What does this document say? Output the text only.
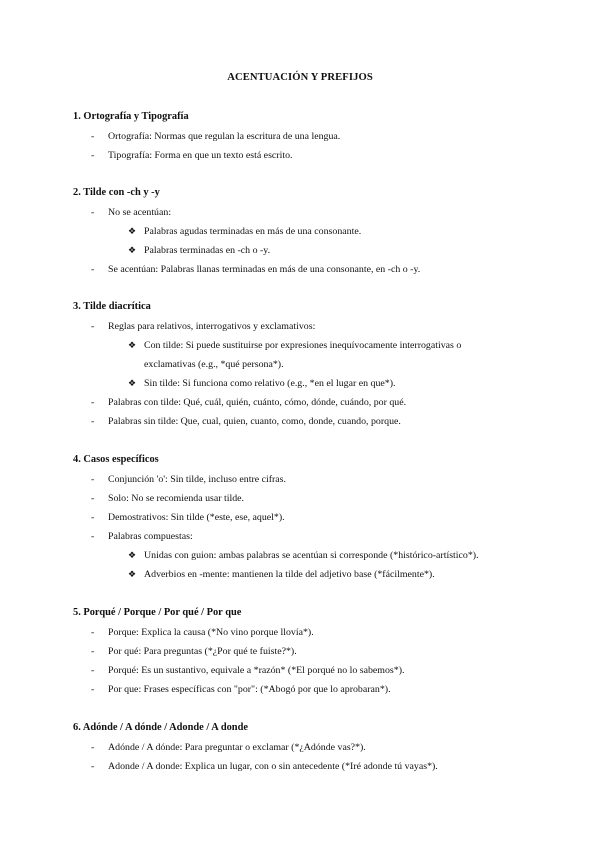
ACENTUACIÓN Y PREFIJOS
1. Ortografía y Tipografía
- Ortografía: Normas que regulan la escritura de una lengua.
- Tipografía: Forma en que un texto está escrito.
2. Tilde con -ch y -y
- No se acentúan:
❖ Palabras agudas terminadas en más de una consonante.
❖ Palabras terminadas en -ch o -y.
- Se acentúan: Palabras llanas terminadas en más de una consonante, en -ch o -y.
3. Tilde diacrítica
- Reglas para relativos, interrogativos y exclamativos:
❖ Con tilde: Si puede sustituirse por expresiones inequívocamente interrogativas o
exclamativas (e.g., *qué persona*).
❖ Sin tilde: Si funciona como relativo (e.g., *en el lugar en que*).
- Palabras con tilde: Qué, cuál, quién, cuánto, cómo, dónde, cuándo, por qué.
- Palabras sin tilde: Que, cual, quien, cuanto, como, donde, cuando, porque.
4. Casos específicos
- Conjunción 'o': Sin tilde, incluso entre cifras.
- Solo: No se recomienda usar tilde.
- Demostrativos: Sin tilde (*este, ese, aquel*).
- Palabras compuestas:
❖ Unidas con guion: ambas palabras se acentúan si corresponde (*histórico-artístico*).
❖ Adverbios en -mente: mantienen la tilde del adjetivo base (*fácilmente*).
5. Porqué / Porque / Por qué / Por que
- Porque: Explica la causa (*No vino porque llovía*).
- Por qué: Para preguntas (*¿Por qué te fuiste?*).
- Porqué: Es un sustantivo, equivale a *razón* (*El porqué no lo sabemos*).
- Por que: Frases específicas con "por": (*Abogó por que lo aprobaran*).
6. Adónde / A dónde / Adonde / A donde
- Adónde / A dónde: Para preguntar o exclamar (*¿Adónde vas?*).
- Adonde / A donde: Explica un lugar, con o sin antecedente (*Iré adonde tú vayas*).
